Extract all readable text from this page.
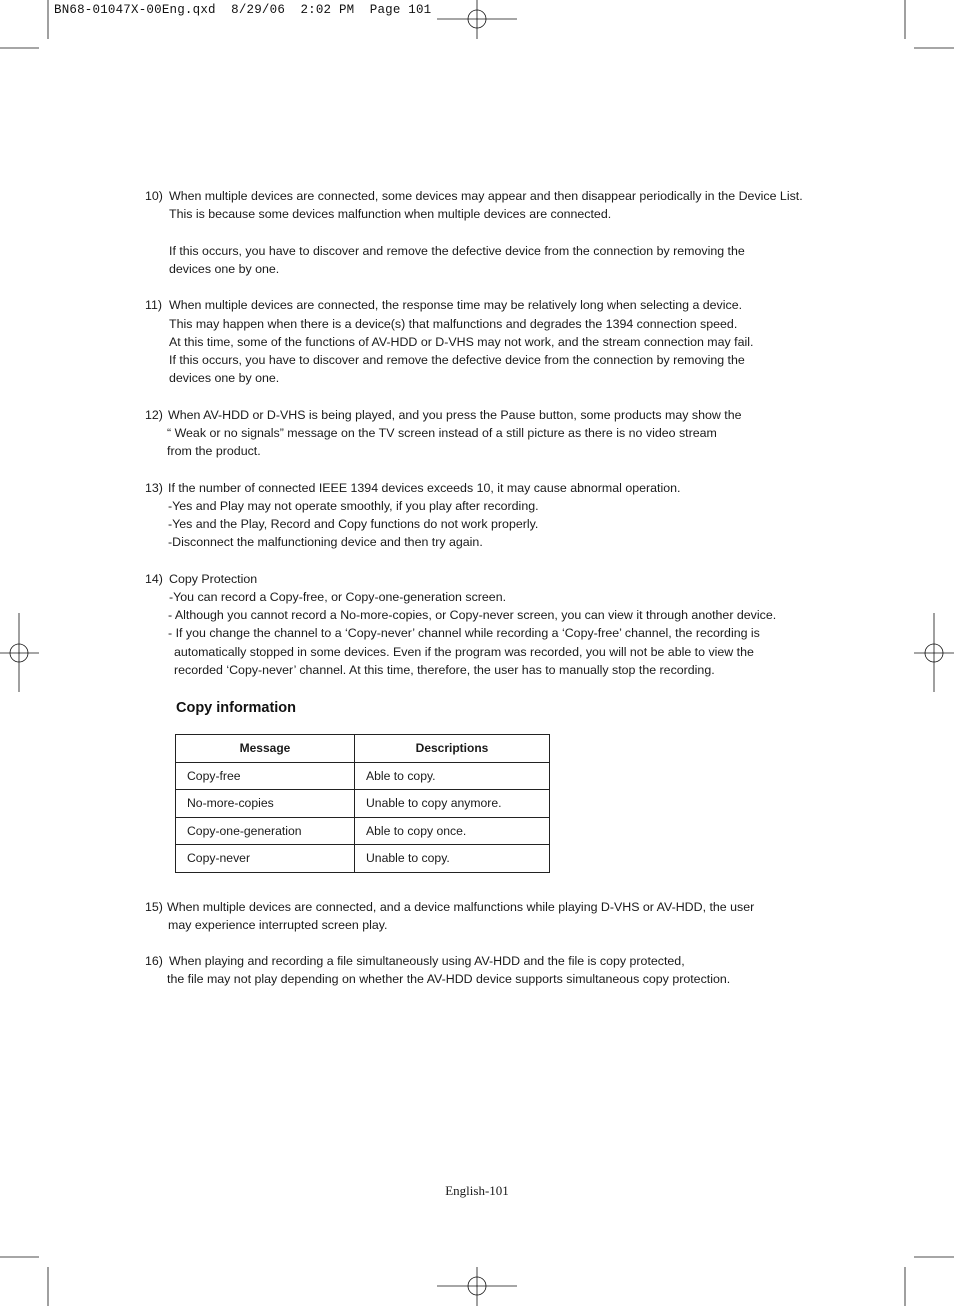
BN68-01047X-00Eng.qxd  8/29/06  2:02 PM  Page 101
10) When multiple devices are connected, some devices may appear and then disappear periodically in the Device List.
This is because some devices malfunction when multiple devices are connected.
If this occurs, you have to discover and remove the defective device from the connection by removing the
devices one by one.
11) When multiple devices are connected, the response time may be relatively long when selecting a device.
This may happen when there is a device(s) that malfunctions and degrades the 1394 connection speed.
At this time, some of the functions of AV-HDD or D-VHS may not work, and the stream connection may fail.
If this occurs, you have to discover and remove the defective device from the connection by removing the
devices one by one.
12) When AV-HDD or D-VHS is being played, and you press the Pause button, some products may show the
“ Weak or no signals” message on the TV screen instead of a still picture as there is no video stream
from the product.
13) If the number of connected IEEE 1394 devices exceeds 10, it may cause abnormal operation.
-Yes and Play may not operate smoothly, if you play after recording.
-Yes and the Play, Record and Copy functions do not work properly.
-Disconnect the malfunctioning device and then try again.
14) Copy Protection
-You can record a Copy-free, or Copy-one-generation screen.
- Although you cannot record a No-more-copies, or Copy-never screen, you can view it through another device.
- If you change the channel to a ‘Copy-never’ channel while recording a ‘Copy-free’ channel, the recording is
automatically stopped in some devices. Even if the program was recorded, you will not be able to view the
recorded ‘Copy-never’ channel. At this time, therefore, the user has to manually stop the recording.
Copy information
Message	Descriptions
Copy-free	Able to copy.
No-more-copies	Unable to copy anymore.
Copy-one-generation	Able to copy once.
Copy-never	Unable to copy.
15) When multiple devices are connected, and a device malfunctions while playing D-VHS or AV-HDD, the user
may experience interrupted screen play.
16) When playing and recording a file simultaneously using AV-HDD and the file is copy protected,
the file may not play depending on whether the AV-HDD device supports simultaneous copy protection.
English-101
